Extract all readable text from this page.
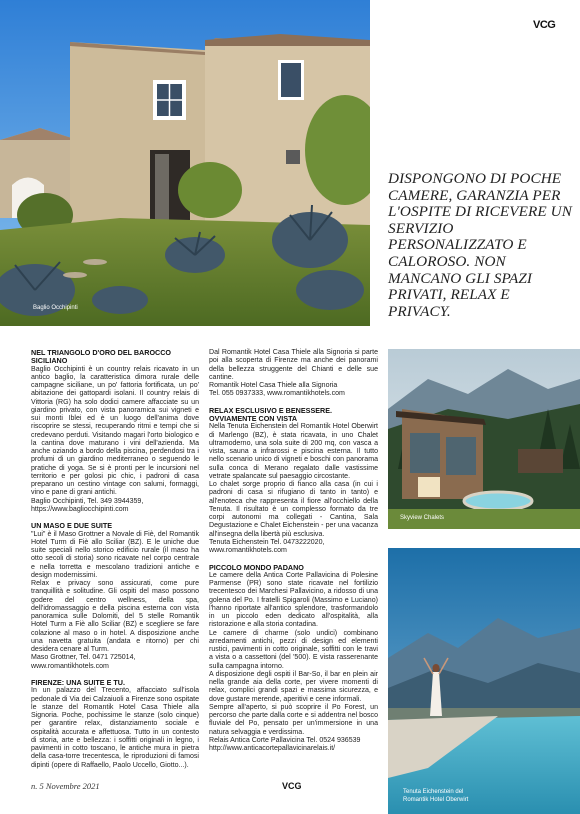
Baglio Occhipinti
VCG
DISPONGONO DI POCHE CAMERE, GARANZIA PER L'OSPITE DI RICEVERE UN SERVIZIO PERSONALIZZATO E CALOROSO. NON MANCANO GLI SPAZI PRIVATI, RELAX E PRIVACY.
NEL TRIANGOLO D'ORO DEL BAROCCO SICILIANO

Baglio Occhipinti è un country relais ricavato in un antico baglio, la caratteristica dimora rurale delle campagne siciliane, un po' fattoria fortificata, un po' abitazione dei gattopardi isolani. Il country relais di Vittoria (RG) ha solo dodici camere affacciate su un giardino privato, con vista panoramica sui vigneti e sui monti Iblei ed è un luogo dell'anima dove riscoprire se stessi, recuperando ritmi e tempi che si credevano perduti. Visitando magari l'orto biologico e la cantina dove maturano i vini dell'azienda. Ma anche oziando a bordo della piscina, perdendosi tra i profumi di un giardino mediterraneo o seguendo le pratiche di yoga. Se si è pronti per le incursioni nel territorio e per golosi pic chic, i padroni di casa preparano un cestino vintage con salumi, formaggi, vino e pane di grani antichi.

Baglio Occhipinti, Tel. 349 3944359,

https://www.bagliocchipinti.com

UN MASO E DUE SUITE

"Lui" è il Maso Grottner a Novale di Fiè, del Romantik Hotel Turm di Fiè allo Sciliar (BZ). E le uniche due suite speciali nello storico edificio rurale (il maso ha otto secoli di storia) sono ricavate nel corpo centrale e nella torretta e mescolano tradizioni antiche e design modernissimi.

Relax e privacy sono assicurati, come pure tranquillità e solitudine. Gli ospiti del maso possono godere del centro wellness, della spa, dell'idromassaggio e della piscina esterna con vista panoramica sulle Dolomiti, del 5 stelle Romantik Hotel Turm a Fiè allo Sciliar (BZ) e scegliere se fare colazione al maso o in hotel. A disposizione anche una navetta gratuita (andata e ritorno) per chi desidera cenare al Turm.

Maso Grottner, Tel. 0471 725014,

www.romantikhotels.com

FIRENZE: UNA SUITE E TU.

In un palazzo del Trecento, affacciato sull'isola pedonale di Via dei Calzaiuoli a Firenze sono ospitate le stanze del Romantik Hotel Casa Thiele alla Signoria. Poche, pochissime le stanze (solo cinque) per garantire relax, distanziamento sociale e ospitalità accurata e affettuosa. Tutto in un contesto di storia, arte e bellezza: i soffitti originali in legno, i pavimenti in cotto toscano, le antiche mura in pietra della casa-torre trecentesca, le riproduzioni di famosi dipinti (opere di Raffaello, Paolo Uccello, Giotto...).

Dal Romantik Hotel Casa Thiele alla Signoria si parte poi alla scoperta di Firenze ma anche dei panorami della bellezza struggente del Chianti e delle sue cantine.

Romantik Hotel Casa Thiele alla Signoria

Tel. 055 0937333, www.romantikhotels.com

RELAX ESCLUSIVO E BENESSERE. OVVIAMENTE CON VISTA

Nella Tenuta Eichenstein del Romantik Hotel Oberwirt di Marlengo (BZ), è stata ricavata, in uno Chalet ultramoderno, una sola suite di 200 mq, con vasca a vista, sauna a infrarossi e piscina esterna. Il tutto nello scenario unico di vigneti e boschi con panorama sulla conca di Merano regalato dalle vastissime vetrate spalancate sul paesaggio circostante.

Lo chalet sorge proprio di fianco alla casa (in cui i padroni di casa si rifugiano di tanto in tanto) e all'enoteca che rappresenta il fiore all'occhiello della Tenuta. Il risultato è un complesso formato da tre corpi autonomi ma collegati - Cantina, Sala Degustazione e Chalet Eichenstein - per una vacanza all'insegna della libertà più esclusiva.

Tenuta Eichenstein Tel. 0473222020,

www.romantikhotels.com

PICCOLO MONDO PADANO

Le camere della Antica Corte Pallavicina di Polesine Parmense (PR) sono state ricavate nel fortilizio trecentesco dei Marchesi Pallavicino, a ridosso di una golena del Po. I fratelli Spigaroli (Massimo e Luciano) l'hanno riportate all'antico splendore, trasformandolo in un piccolo eden dedicato all'ospitalità, alla ristorazione e alla storia contadina.

Le camere di charme (solo undici) combinano arredamenti antichi, pezzi di design ed elementi rustici, pavimenti in cotto originale, soffitti con le travi a vista o a cassettoni (del '500). E vista rasserenante sulla campagna intorno.

A disposizione degli ospiti il Bar-So, il bar en plein air nella grande aia della corte, per vivere momenti di relax, complici grandi spazi e massima sicurezza, e dove gustare merende, aperitivi e cene informali.

Sempre all'aperto, si può scoprire il Po Forest, un percorso che parte dalla corte e si addentra nel bosco fluviale del Po, pensato per un'immersione in una natura selvaggia e verdissima.

Relais Antica Corte Pallavicina Tel. 0524 936539

http://www.anticacortepallavicinarelais.it/

Skyview Chalets
Tenuta Eichenstein del
Romantik Hotel Oberwirt
n. 5 Novembre 2021	VCG
